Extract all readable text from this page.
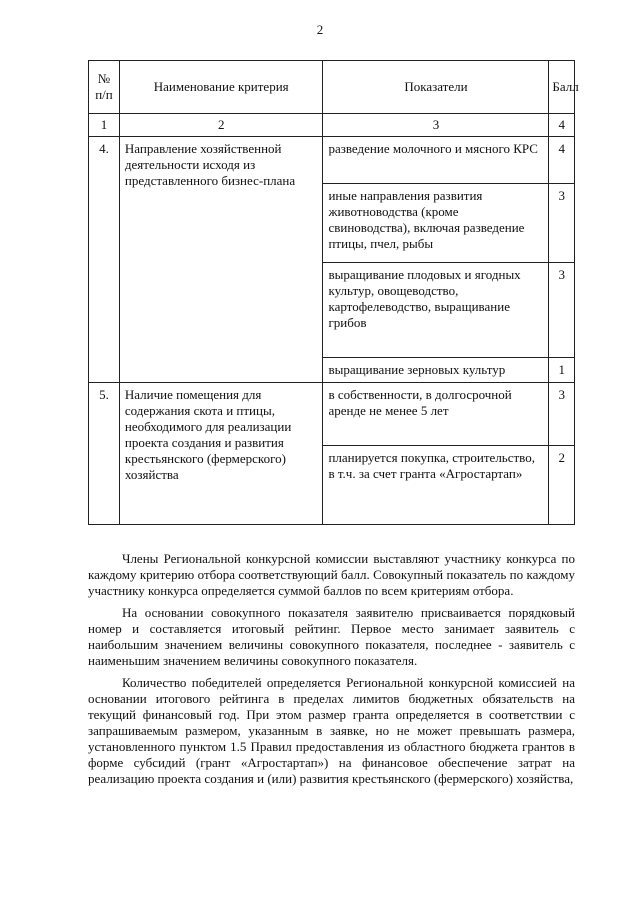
2
№ п/п	Наименование критерия	Показатели	Балл
1	2	3	4
4.	Направление хозяйственной деятельности исходя из представленного бизнес-плана	разведение молочного и мясного КРС	4
		иные направления развития животноводства (кроме свиноводства), включая разведение птицы, пчел, рыбы	3
		выращивание плодовых и ягодных культур, овощеводство, картофелеводство, выращивание грибов	3
		выращивание зерновых культур	1
5.	Наличие помещения для содержания скота и птицы, необходимого для реализации проекта создания и развития крестьянского (фермерского) хозяйства	в собственности, в долгосрочной аренде не менее 5 лет	3
		планируется покупка, строительство, в т.ч. за счет гранта «Агростартап»	2

Члены Региональной конкурсной комиссии выставляют участнику конкурса по каждому критерию отбора соответствующий балл. Совокупный показатель по каждому участнику конкурса определяется суммой баллов по всем критериям отбора.

На основании совокупного показателя заявителю присваивается порядковый номер и составляется итоговый рейтинг. Первое место занимает заявитель с наибольшим значением величины совокупного показателя, последнее - заявитель с наименьшим значением величины совокупного показателя.

Количество победителей определяется Региональной конкурсной комиссией на основании итогового рейтинга в пределах лимитов бюджетных обязательств на текущий финансовый год. При этом размер гранта определяется в соответствии с запрашиваемым размером, указанным в заявке, но не может превышать размера, установленного пунктом 1.5 Правил предоставления из областного бюджета грантов в форме субсидий (грант «Агростартап») на финансовое обеспечение затрат на реализацию проекта создания и (или) развития крестьянского (фермерского) хозяйства,
